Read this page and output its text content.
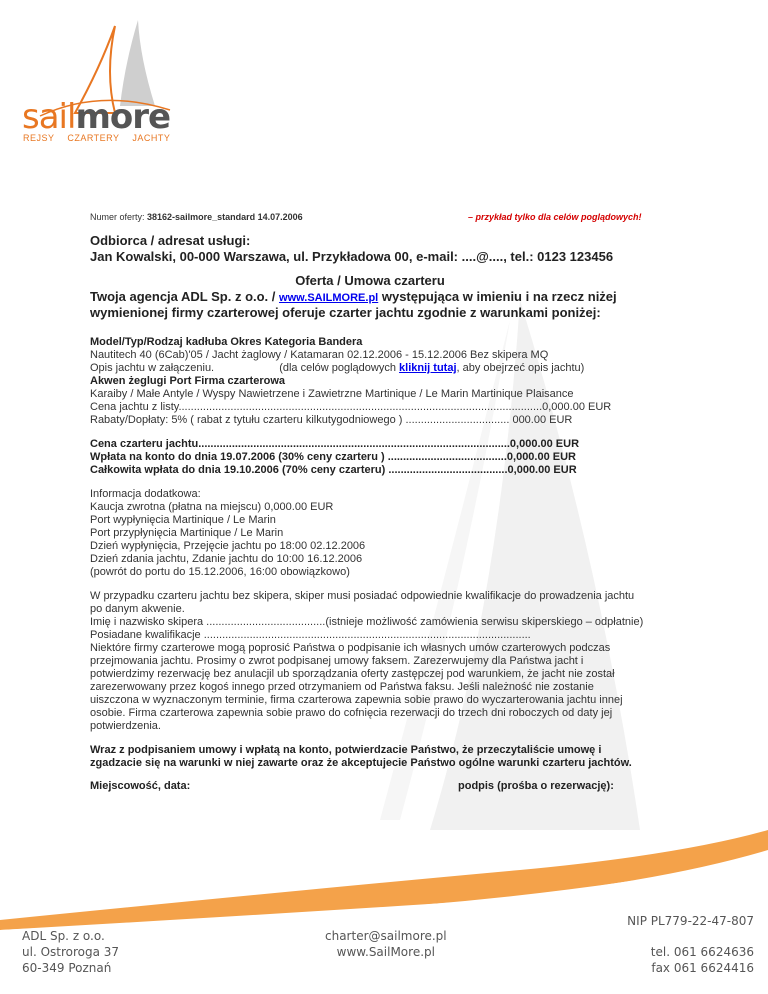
sailmore
REJSY CZARTERY JACHTY
Numer oferty: 38162-sailmore_standard 14.07.2006	– przykład tylko dla celów poglądowych!
Odbiorca / adresat usługi:
Jan Kowalski, 00-000 Warszawa, ul. Przykładowa 00, e-mail: ....@...., tel.: 0123 123456
Oferta / Umowa czarteru
Twoja agencja ADL Sp. z o.o. / www.SAILMORE.pl występująca w imieniu i na rzecz niżej
wymienionej firmy czarterowej oferuje czarter jachtu zgodnie z warunkami poniżej:
Model/Typ/Rodzaj kadłuba Okres Kategoria Bandera
Nautitech 40 (6Cab)'05 / Jacht żaglowy / Katamaran 02.12.2006 - 15.12.2006 Bez skipera MQ
Opis jachtu w załączeniu.	(dla celów poglądowych kliknij tutaj, aby obejrzeć opis jachtu)
Akwen żeglugi Port Firma czarterowa
Karaiby / Małe Antyle / Wyspy Nawietrzene i Zawietrzne Martinique / Le Marin Martinique Plaisance
Cena jachtu z listy.......................................................................................................................0,000.00 EUR
Rabaty/Dopłaty: 5% ( rabat z tytułu czarteru kilkutygodniowego ) .................................. 000.00 EUR
Cena czarteru jachtu......................................................................................................0,000.00 EUR
Wpłata na konto do dnia 19.07.2006 (30% ceny czarteru ) .......................................0,000.00 EUR
Całkowita wpłata do dnia 19.10.2006 (70% ceny czarteru) .......................................0,000.00 EUR
Informacja dodatkowa:
Kaucja zwrotna (płatna na miejscu) 0,000.00 EUR
Port wypłynięcia Martinique / Le Marin
Port przypłynięcia Martinique / Le Marin
Dzień wypłynięcia, Przejęcie jachtu po 18:00 02.12.2006
Dzień zdania jachtu, Zdanie jachtu do 10:00 16.12.2006
(powrót do portu do 15.12.2006, 16:00 obowiązkowo)
W przypadku czarteru jachtu bez skipera, skiper musi posiadać odpowiednie kwalifikacje do prowadzenia jachtu
po danym akwenie.
Imię i nazwisko skipera .......................................(istnieje możliwość zamówienia serwisu skiperskiego – odpłatnie)
Posiadane kwalifikacje ...........................................................................................................
Niektóre firmy czarterowe mogą poprosić Państwa o podpisanie ich własnych umów czarterowych podczas
przejmowania jachtu. Prosimy o zwrot podpisanej umowy faksem. Zarezerwujemy dla Państwa jacht i
potwierdzimy rezerwację bez anulacjil ub sporządzania oferty zastępczej pod warunkiem, że jacht nie został
zarezerwowany przez kogoś innego przed otrzymaniem od Państwa faksu. Jeśli należność nie zostanie
uiszczona w wyznaczonym terminie, firma czarterowa zapewnia sobie prawo do wyczarterowania jachtu innej
osobie. Firma czarterowa zapewnia sobie prawo do cofnięcia rezerwacji do trzech dni roboczych od daty jej
potwierdzenia.
Wraz z podpisaniem umowy i wpłatą na konto, potwierdzacie Państwo, że przeczytaliście umowę i
zgadzacie się na warunki w niej zawarte oraz że akceptujecie Państwo ogólne warunki czarteru jachtów.
Miejscowość, data:	podpis (prośba o rezerwację):
ADL Sp. z o.o.
ul. Ostroroga 37
60-349 Poznań
charter@sailmore.pl
www.SailMore.pl
NIP PL779-22-47-807
tel. 061 6624636
fax 061 6624416
